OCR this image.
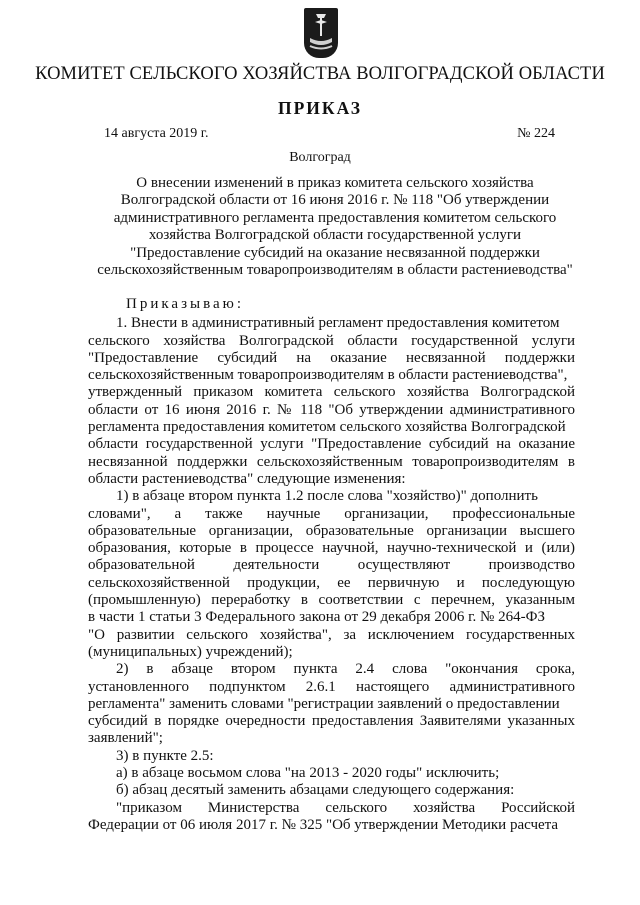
КОМИТЕТ СЕЛЬСКОГО ХОЗЯЙСТВА ВОЛГОГРАДСКОЙ ОБЛАСТИ
ПРИКАЗ
14 августа 2019 г.	№ 224
Волгоград
О внесении изменений в приказ комитета сельского хозяйства
Волгоградской области от 16 июня 2016 г. № 118 "Об утверждении
административного регламента предоставления комитетом сельского
хозяйства Волгоградской области государственной услуги
"Предоставление субсидий на оказание несвязанной поддержки
сельскохозяйственным товаропроизводителям в области растениеводства"
Приказываю:
1. Внести в административный регламент предоставления комитетом
сельского хозяйства Волгоградской области государственной услуги
"Предоставление субсидий на оказание несвязанной поддержки
сельскохозяйственным товаропроизводителям в области растениеводства",
утвержденный приказом комитета сельского хозяйства Волгоградской
области от 16 июня 2016 г. № 118 "Об утверждении административного
регламента предоставления комитетом сельского хозяйства Волгоградской
области государственной услуги "Предоставление субсидий на оказание
несвязанной поддержки сельскохозяйственным товаропроизводителям в
области растениеводства" следующие изменения:
1) в абзаце втором пункта 1.2 после слова "хозяйство)" дополнить
словами", а также научные организации, профессиональные
образовательные организации, образовательные организации высшего
образования, которые в процессе научной, научно-технической и (или)
образовательной деятельности осуществляют производство
сельскохозяйственной продукции, ее первичную и последующую
(промышленную) переработку в соответствии с перечнем, указанным
в части 1 статьи 3 Федерального закона от 29 декабря 2006 г. № 264-ФЗ
"О развитии сельского хозяйства", за исключением государственных
(муниципальных) учреждений);
2) в абзаце втором пункта 2.4 слова "окончания срока,
установленного подпунктом 2.6.1 настоящего административного
регламента" заменить словами "регистрации заявлений о предоставлении
субсидий в порядке очередности предоставления Заявителями указанных
заявлений";
3) в пункте 2.5:
а) в абзаце восьмом слова "на 2013 - 2020 годы" исключить;
б) абзац десятый заменить абзацами следующего содержания:
"приказом Министерства сельского хозяйства Российской
Федерации от 06 июля 2017 г. № 325 "Об утверждении Методики расчета
